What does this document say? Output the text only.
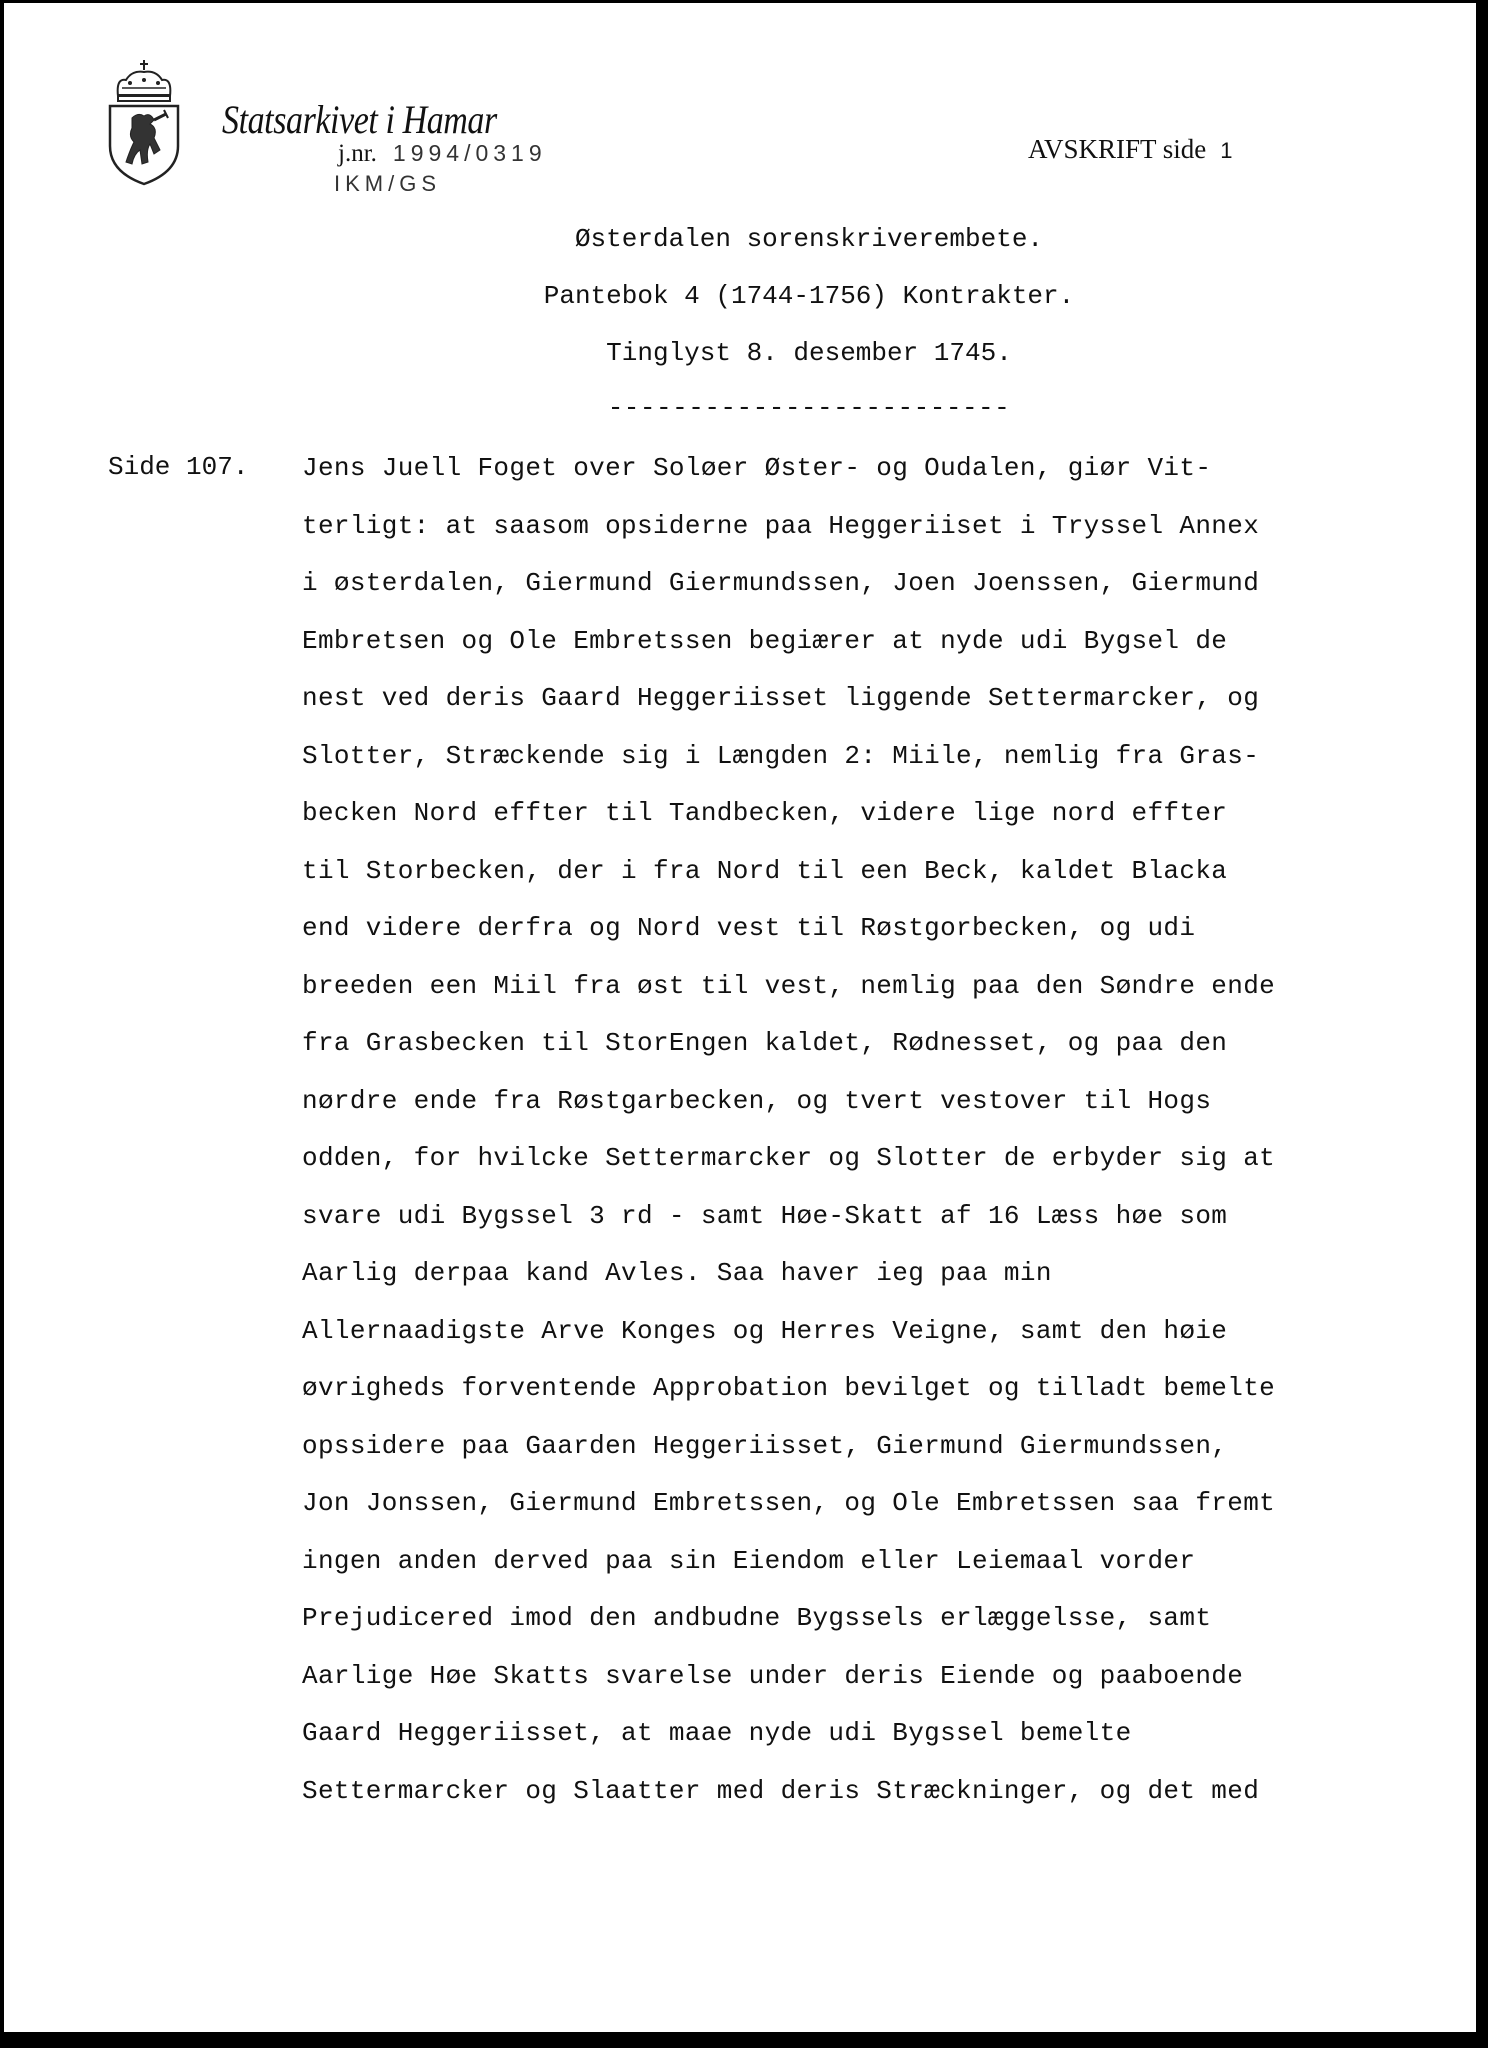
Statsarkivet i Hamar
j.nr. 1994/0319
IKM/GS
AVSKRIFT side 1
Østerdalen sorenskriverembete.
Pantebok 4 (1744-1756) Kontrakter.
Tinglyst 8. desember 1745.
-------------------------
Side 107. Jens Juell Foget over Soløer Øster- og Oudalen, giør Vit-
terligt: at saasom opsiderne paa Heggeriiset i Tryssel Annex
i østerdalen, Giermund Giermundssen, Joen Joenssen, Giermund
Embretsen og Ole Embretssen begiærer at nyde udi Bygsel de
nest ved deris Gaard Heggeriisset liggende Settermarcker, og
Slotter, Stræckende sig i Længden 2: Miile, nemlig fra Gras-
becken Nord effter til Tandbecken, videre lige nord effter
til Storbecken, der i fra Nord til een Beck, kaldet Blacka
end videre derfra og Nord vest til Røstgorbecken, og udi
breeden een Miil fra øst til vest, nemlig paa den Søndre ende
fra Grasbecken til StorEngen kaldet, Rødnesset, og paa den
nørdre ende fra Røstgarbecken, og tvert vestover til Hogs
odden, for hvilcke Settermarcker og Slotter de erbyder sig at
svare udi Bygssel 3 rd - samt Høe-Skatt af 16 Læss høe som
Aarlig derpaa kand Avles. Saa haver ieg paa min
Allernaadigste Arve Konges og Herres Veigne, samt den høie
øvrigheds forventende Approbation bevilget og tilladt bemelte
opssidere paa Gaarden Heggeriisset, Giermund Giermundssen,
Jon Jonssen, Giermund Embretssen, og Ole Embretssen saa fremt
ingen anden derved paa sin Eiendom eller Leiemaal vorder
Prejudicered imod den andbudne Bygssels erlæggelsse, samt
Aarlige Høe Skatts svarelse under deris Eiende og paaboende
Gaard Heggeriisset, at maae nyde udi Bygssel bemelte
Settermarcker og Slaatter med deris Stræckninger, og det med
